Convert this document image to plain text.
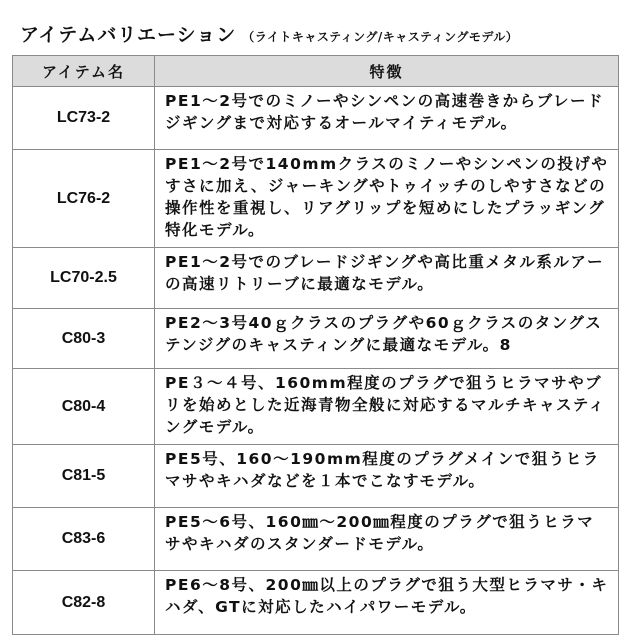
アイテムバリエーション （ライトキャスティング/キャスティングモデル）
アイテム名	特徴
LC73-2	PE1～2号でのミノーやシンペンの高速巻きからブレードジギングまで対応するオールマイティモデル。
LC76-2	PE1～2号で140mmクラスのミノーやシンペンの投げやすさに加え、ジャーキングやトゥイッチのしやすさなどの操作性を重視し、リアグリップを短めにしたプラッギング特化モデル。
LC70-2.5	PE1～2号でのブレードジギングや高比重メタル系ルアーの高速リトリーブに最適なモデル。
C80-3	PE2～3号40ｇクラスのプラグや60ｇクラスのタングステンジグのキャスティングに最適なモデル。8
C80-4	PE３～４号、160mm程度のプラグで狙うヒラマサやブリを始めとした近海青物全般に対応するマルチキャスティングモデル。
C81-5	PE5号、160～190mm程度のプラグメインで狙うヒラマサやキハダなどを１本でこなすモデル。
C83-6	PE5～6号、160㎜～200㎜程度のプラグで狙うヒラマサやキハダのスタンダードモデル。
C82-8	PE6～8号、200㎜以上のプラグで狙う大型ヒラマサ・キハダ、GTに対応したハイパワーモデル。
